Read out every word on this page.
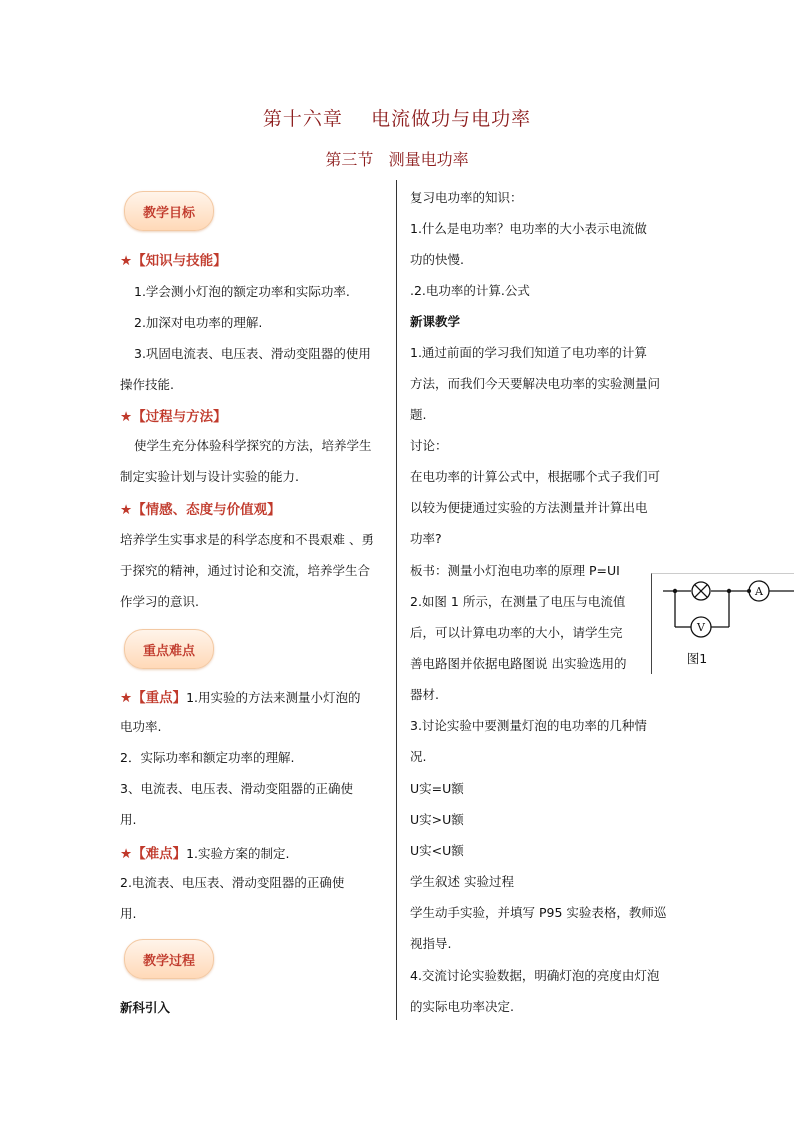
第十六章    电流做功与电功率
第三节   测量电功率
教学目标
★【知识与技能】
1.学会测小灯泡的额定功率和实际功率.
2.加深对电功率的理解.
3.巩固电流表、电压表、滑动变阻器的使用
操作技能.
★【过程与方法】
使学生充分体验科学探究的方法，培养学生
制定实验计划与设计实验的能力.
★【情感、态度与价值观】
培养学生实事求是的科学态度和不畏艰难 、勇
于探究的精神，通过讨论和交流，培养学生合
作学习的意识.
重点难点
★【重点】1.用实验的方法来测量小灯泡的
电功率.
2．实际功率和额定功率的理解.
3、电流表、电压表、滑动变阻器的正确使
用.
★【难点】1.实验方案的制定.
2.电流表、电压表、滑动变阻器的正确使
用.
教学过程
新科引入
复习电功率的知识：
1.什么是电功率？电功率的大小表示电流做
功的快慢.
.2.电功率的计算.公式
新课教学
1.通过前面的学习我们知道了电功率的计算
方法，而我们今天要解决电功率的实验测量问
题.
讨论：
在电功率的计算公式中，根据哪个式子我们可
以较为便捷通过实验的方法测量并计算出电
功率?
板书：测量小灯泡电功率的原理 P=UI
2.如图 1 所示，在测量了电压与电流值
后，可以计算电功率的大小，请学生完
善电路图并依据电路图说 出实验选用的
器材.
3.讨论实验中要测量灯泡的电功率的几种情
况.
U实=U额
U实>U额
U实<U额
学生叙述 实验过程
学生动手实验，并填写 P95 实验表格，教师巡
视指导.
4.交流讨论实验数据，明确灯泡的亮度由灯泡
的实际电功率决定.
A
V
图1
